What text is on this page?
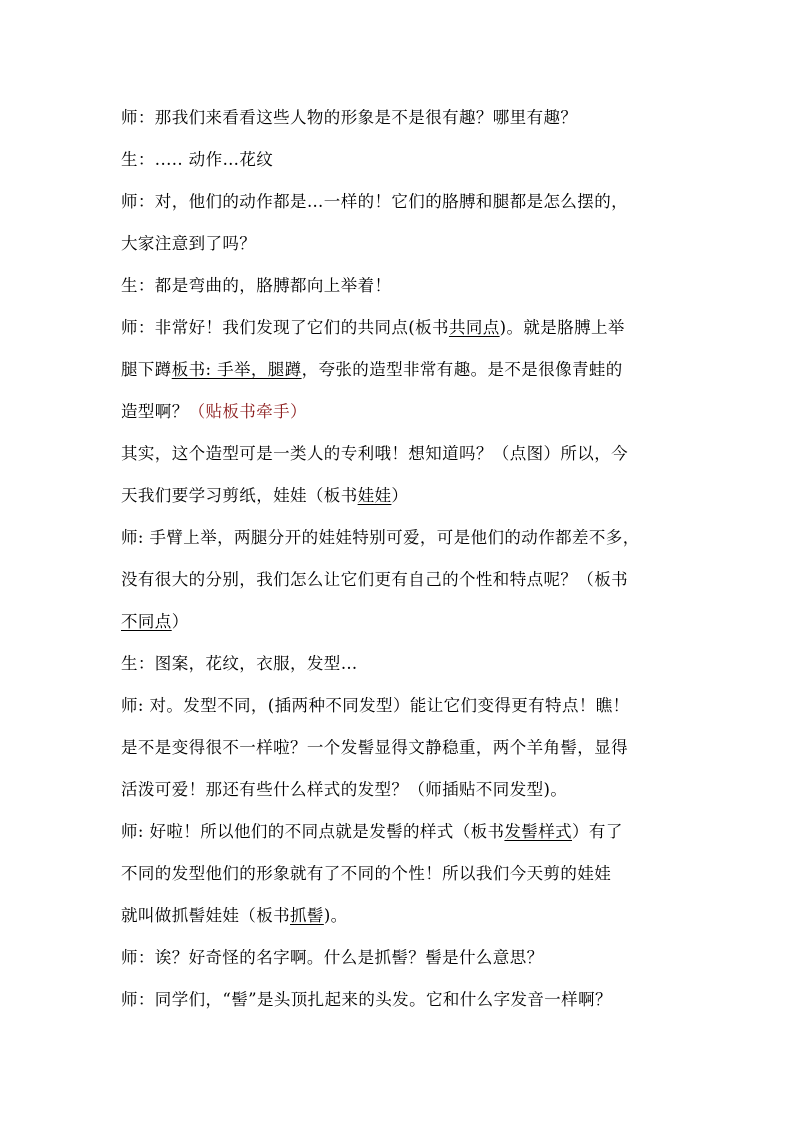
师：那我们来看看这些人物的形象是不是很有趣？哪里有趣？
生：..... 动作…花纹
师：对，他们的动作都是…一样的！它们的胳膊和腿都是怎么摆的，
大家注意到了吗？
生：都是弯曲的，胳膊都向上举着！
师：非常好！我们发现了它们的共同点(板书共同点)。就是胳膊上举
腿下蹲板书: 手举，腿蹲，夸张的造型非常有趣。是不是很像青蛙的
造型啊？（贴板书牵手）
其实，这个造型可是一类人的专利哦！想知道吗？（点图）所以，今
天我们要学习剪纸，娃娃（板书娃娃）
师: 手臂上举，两腿分开的娃娃特别可爱，可是他们的动作都差不多，
没有很大的分别，我们怎么让它们更有自己的个性和特点呢？（板书
不同点）
生：图案，花纹，衣服，发型…
师: 对。发型不同，(插两种不同发型）能让它们变得更有特点！瞧！
是不是变得很不一样啦？一个发髻显得文静稳重，两个羊角髻，显得
活泼可爱！那还有些什么样式的发型？（师插贴不同发型)。
师: 好啦！所以他们的不同点就是发髻的样式（板书发髻样式）有了
不同的发型他们的形象就有了不同的个性！所以我们今天剪的娃娃
就叫做抓髻娃娃（板书抓髻)。
师：诶？好奇怪的名字啊。什么是抓髻？髻是什么意思？
师：同学们，“髻”是头顶扎起来的头发。它和什么字发音一样啊？
